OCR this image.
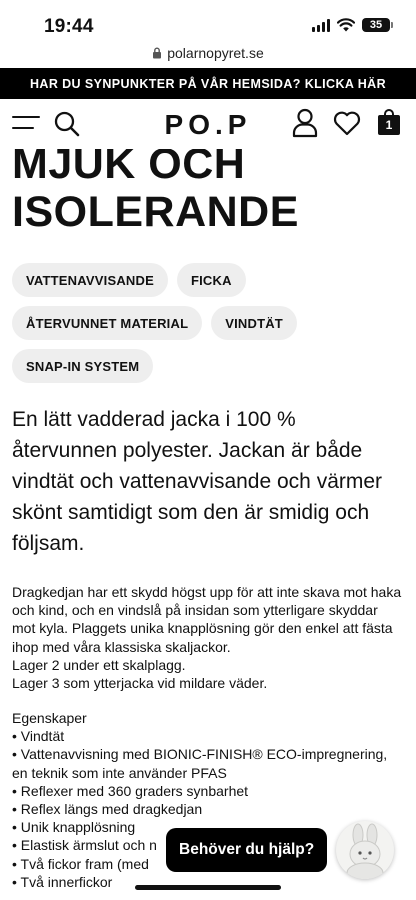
19:44	35
polarnopyret.se
HAR DU SYNPUNKTER PÅ VÅR HEMSIDA? KLICKA HÄR
PO.P	1
MJUK OCH ISOLERANDE
VATTENAVVISANDE	FICKA
ÅTERVUNNET MATERIAL	VINDTÄT
SNAP-IN SYSTEM

En lätt vadderad jacka i 100 % återvunnen polyester. Jackan är både vindtät och vattenavvisande och värmer skönt samtidigt som den är smidig och följsam.

Dragkedjan har ett skydd högst upp för att inte skava mot haka och kind, och en vindslå på insidan som ytterligare skyddar mot kyla. Plaggets unika knapplösning gör den enkel att fästa ihop med våra klassiska skaljackor.

Lager 2 under ett skalplagg.

Lager 3 som ytterjacka vid mildare väder.

Egenskaper

• Vindtät
• Vattenavvisning med BIONIC-FINISH® ECO-impregnering, en teknik som inte använder PFAS
• Reflexer med 360 graders synbarhet
• Reflex längs med dragkedjan
• Unik knapplösning
• Elastisk ärmslut och n
• Två fickor fram (med
• Två innerfickor
Behöver du hjälp?
